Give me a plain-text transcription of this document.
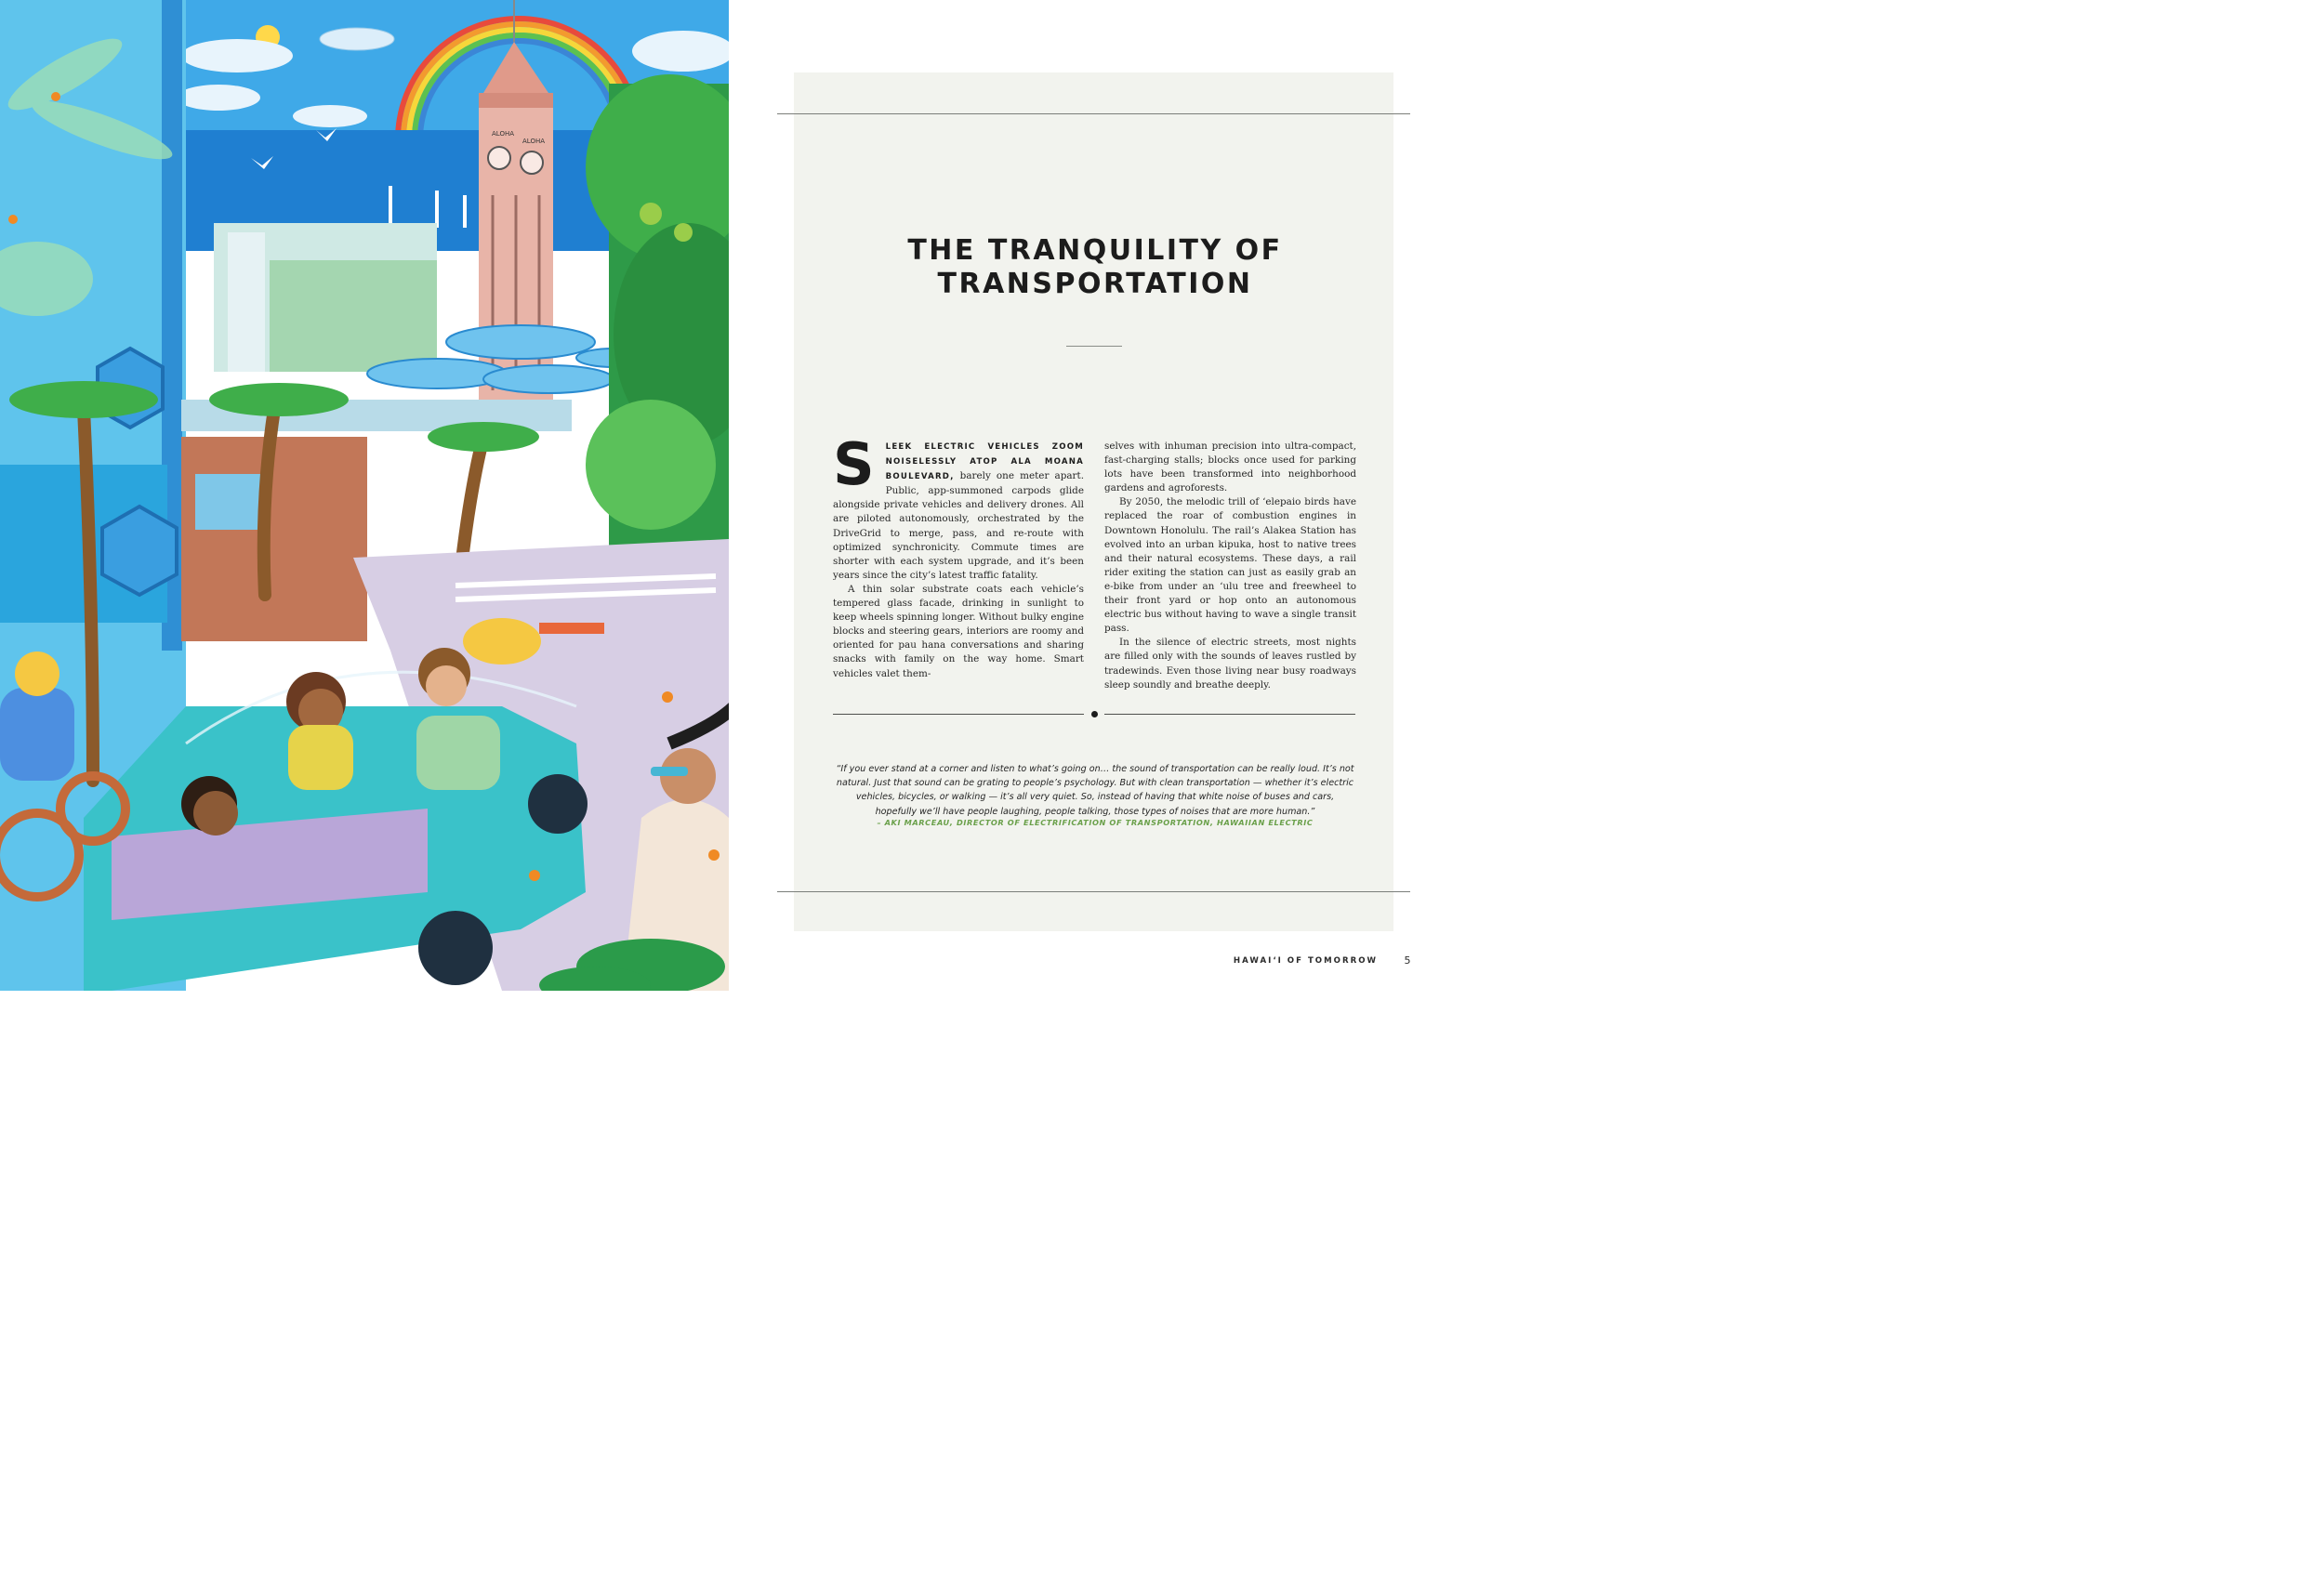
ALOHA
ALOHA
THE TRANQUILITY OF
TRANSPORTATION

S LEEK ELECTRIC VEHICLES ZOOM NOISELESSLY ATOP ALA MOANA BOULEVARD, barely one meter apart. Public, app-summoned carpods glide alongside private vehicles and delivery drones. All are piloted autonomously, orchestrated by the DriveGrid to merge, pass, and re-route with optimized synchronicity. Commute times are shorter with each system upgrade, and it’s been years since the city’s latest traffic fatality.

A thin solar substrate coats each vehicle’s tempered glass facade, drinking in sunlight to keep wheels spinning longer. Without bulky engine blocks and steering gears, interiors are roomy and oriented for pau hana conversations and sharing snacks with family on the way home. Smart vehicles valet them-

selves with inhuman precision into ultra-compact, fast-charging stalls; blocks once used for parking lots have been transformed into neighborhood gardens and agroforests.

By 2050, the melodic trill of ‘elepaio birds have replaced the roar of combustion engines in Downtown Honolulu. The rail’s Alakea Station has evolved into an urban kipuka, host to native trees and their natural ecosystems. These days, a rail rider exiting the station can just as easily grab an e-bike from under an ‘ulu tree and freewheel to their front yard or hop onto an autonomous electric bus without having to wave a single transit pass.

In the silence of electric streets, most nights are filled only with the sounds of leaves rustled by tradewinds. Even those living near busy roadways sleep soundly and breathe deeply.

“If you ever stand at a corner and listen to what’s going on… the sound of transportation can be really loud. It’s not natural. Just that sound can be grating to people’s psychology. But with clean transportation — whether it’s electric vehicles, bicycles, or walking — it’s all very quiet. So, instead of having that white noise of buses and cars, hopefully we’ll have people laughing, people talking, those types of noises that are more human.”

– AKI MARCEAU, DIRECTOR OF ELECTRIFICATION OF TRANSPORTATION, HAWAIIAN ELECTRIC

HAWAI‘I OF TOMORROW	5
